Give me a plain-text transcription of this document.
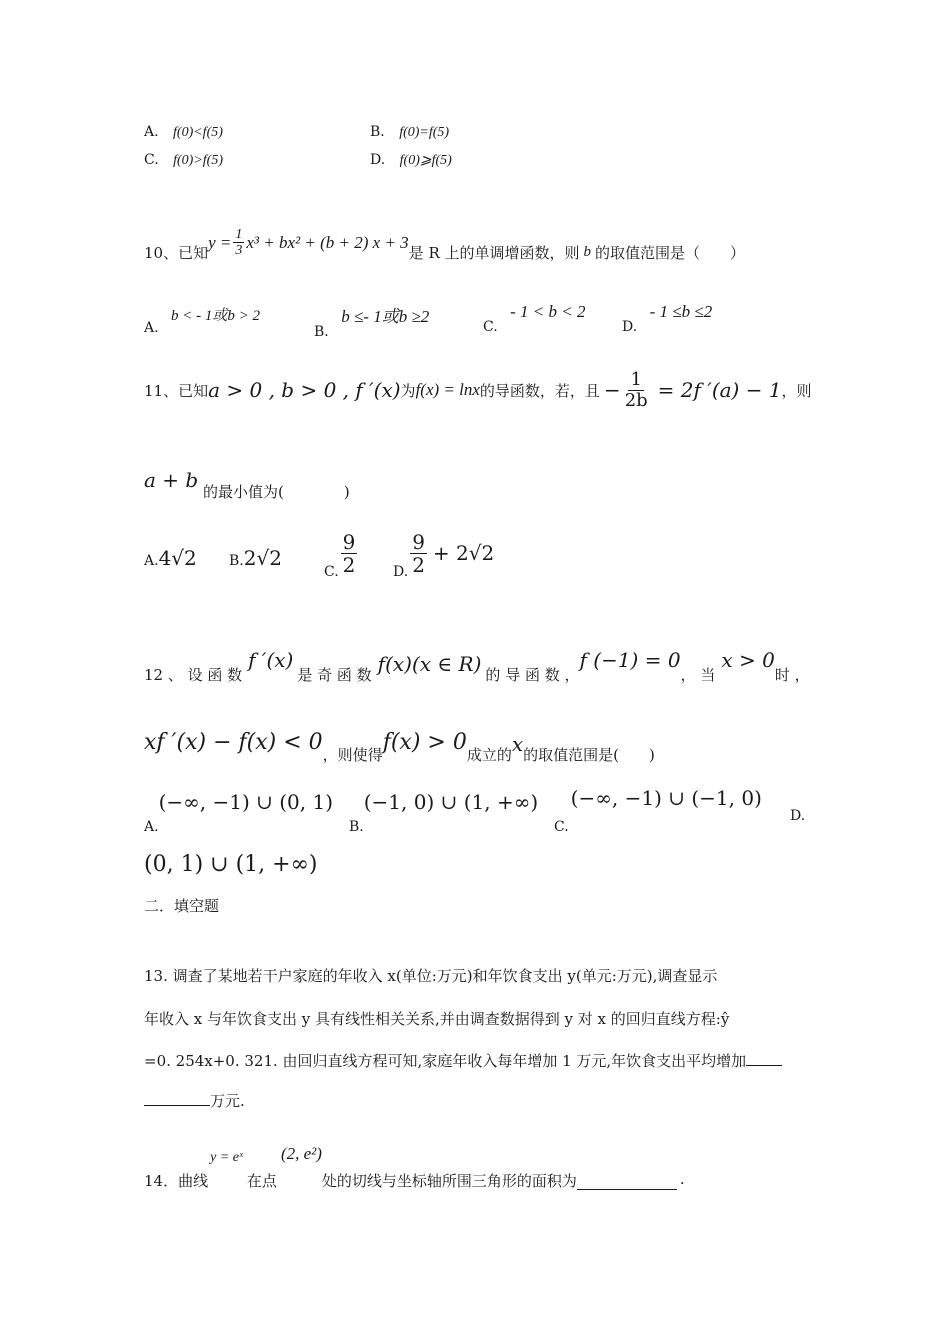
A. f(0)<f(5)	B. f(0)=f(5)
C. f(0)>f(5)	D. f(0)⩾f(5)
10、已知
$y = \frac{1}{3} x^3 + bx^2 + (b + 2) x + 3$
是 R 上的单调增函数，则 b 的取值范围是（　　）
A. b < - 1或b > 2
B. b ≤- 1或b ≥2
C. - 1 < b < 2
D. - 1 ≤b ≤2
11、已知 a > 0 , b > 0 , f ′(x) 为 f(x) = lnx 的导函数，若，且 − $\frac{1}{2b} = 2f$ ′(a) − 1 ，则
a + b 的最小值为(　　　　)
A.4√2 B.2√2
C. $\frac{9}{2}$	D. $\frac{9}{2} + 2√2$
12 、 设 函 数
f ′(x)
是 奇 函 数 f(x)(x ∈ R) 的 导 函 数 ，
f (−1) = 0
， 当
x > 0
时 ，
xf ′(x) − f(x) < 0 ，则使得 f(x) > 0 成立的 x 的取值范围是(　　)
A.(−∞, −1) ∪ (0, 1)
B.(−1, 0) ∪ (1, +∞)
C.(−∞, −1) ∪ (−1, 0)
D.
(0, 1) ∪ (1, +∞)
二．填空题
13. 调查了某地若干户家庭的年收入 x(单位:万元)和年饮食支出 y(单元:万元),调查显示
年收入 x 与年饮食支出 y 具有线性相关关系,并由调查数据得到 y 对 x 的回归直线方程:ŷ
=0. 254x+0. 321. 由回归直线方程可知,家庭年收入每年增加 1 万元,年饮食支出平均增加
万元.
14．曲线
y = eˣ
在点
(2, e²)
处的切线与坐标轴所围三角形的面积为	.
